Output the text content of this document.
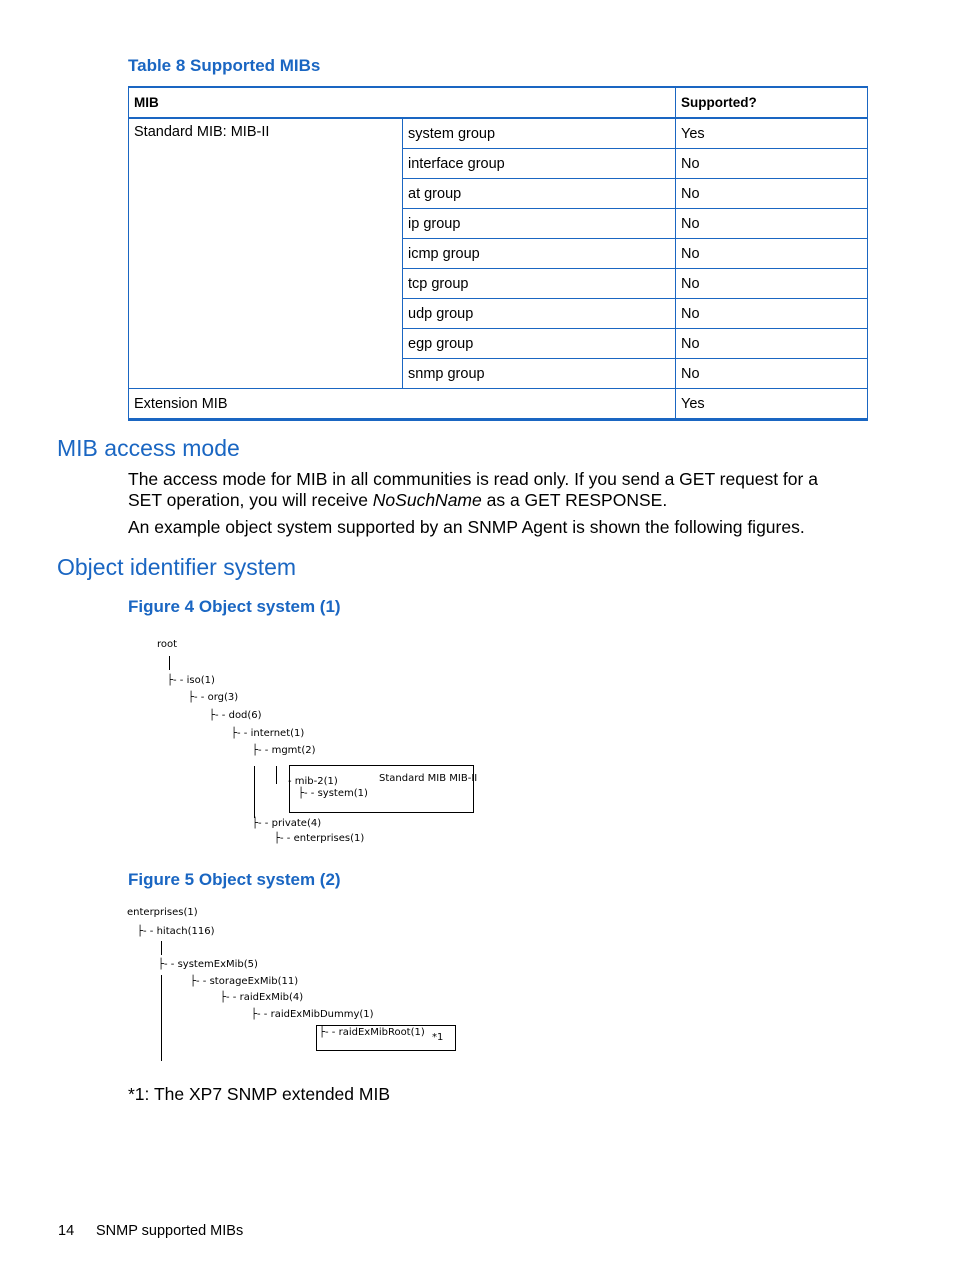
Table 8 Supported MIBs
MIB		Supported?
Standard MIB: MIB-II	system group	Yes
	interface group	No
	at group	No
	ip group	No
	icmp group	No
	tcp group	No
	udp group	No
	egp group	No
	snmp group	No
Extension MIB		Yes
MIB access mode
The access mode for MIB in all communities is read only. If you send a GET request for a SET operation, you will receive NoSuchName as a GET RESPONSE.
An example object system supported by an SNMP Agent is shown the following figures.
Object identifier system
Figure 4 Object system (1)
root
├- - iso(1)
├- - org(3)
├- - dod(6)
├- - internet(1)
├- - mgmt(2)
- mib-2(1)
├- - system(1)
Standard MIB MIB-II
├- - private(4)
├- - enterprises(1)
Figure 5 Object system (2)
enterprises(1)
├- - hitach(116)
├- - systemExMib(5)
├- - storageExMib(11)
├- - raidExMib(4)
├- - raidExMibDummy(1)
├- - raidExMibRoot(1) *1
*1: The XP7 SNMP extended MIB
14 SNMP supported MIBs
